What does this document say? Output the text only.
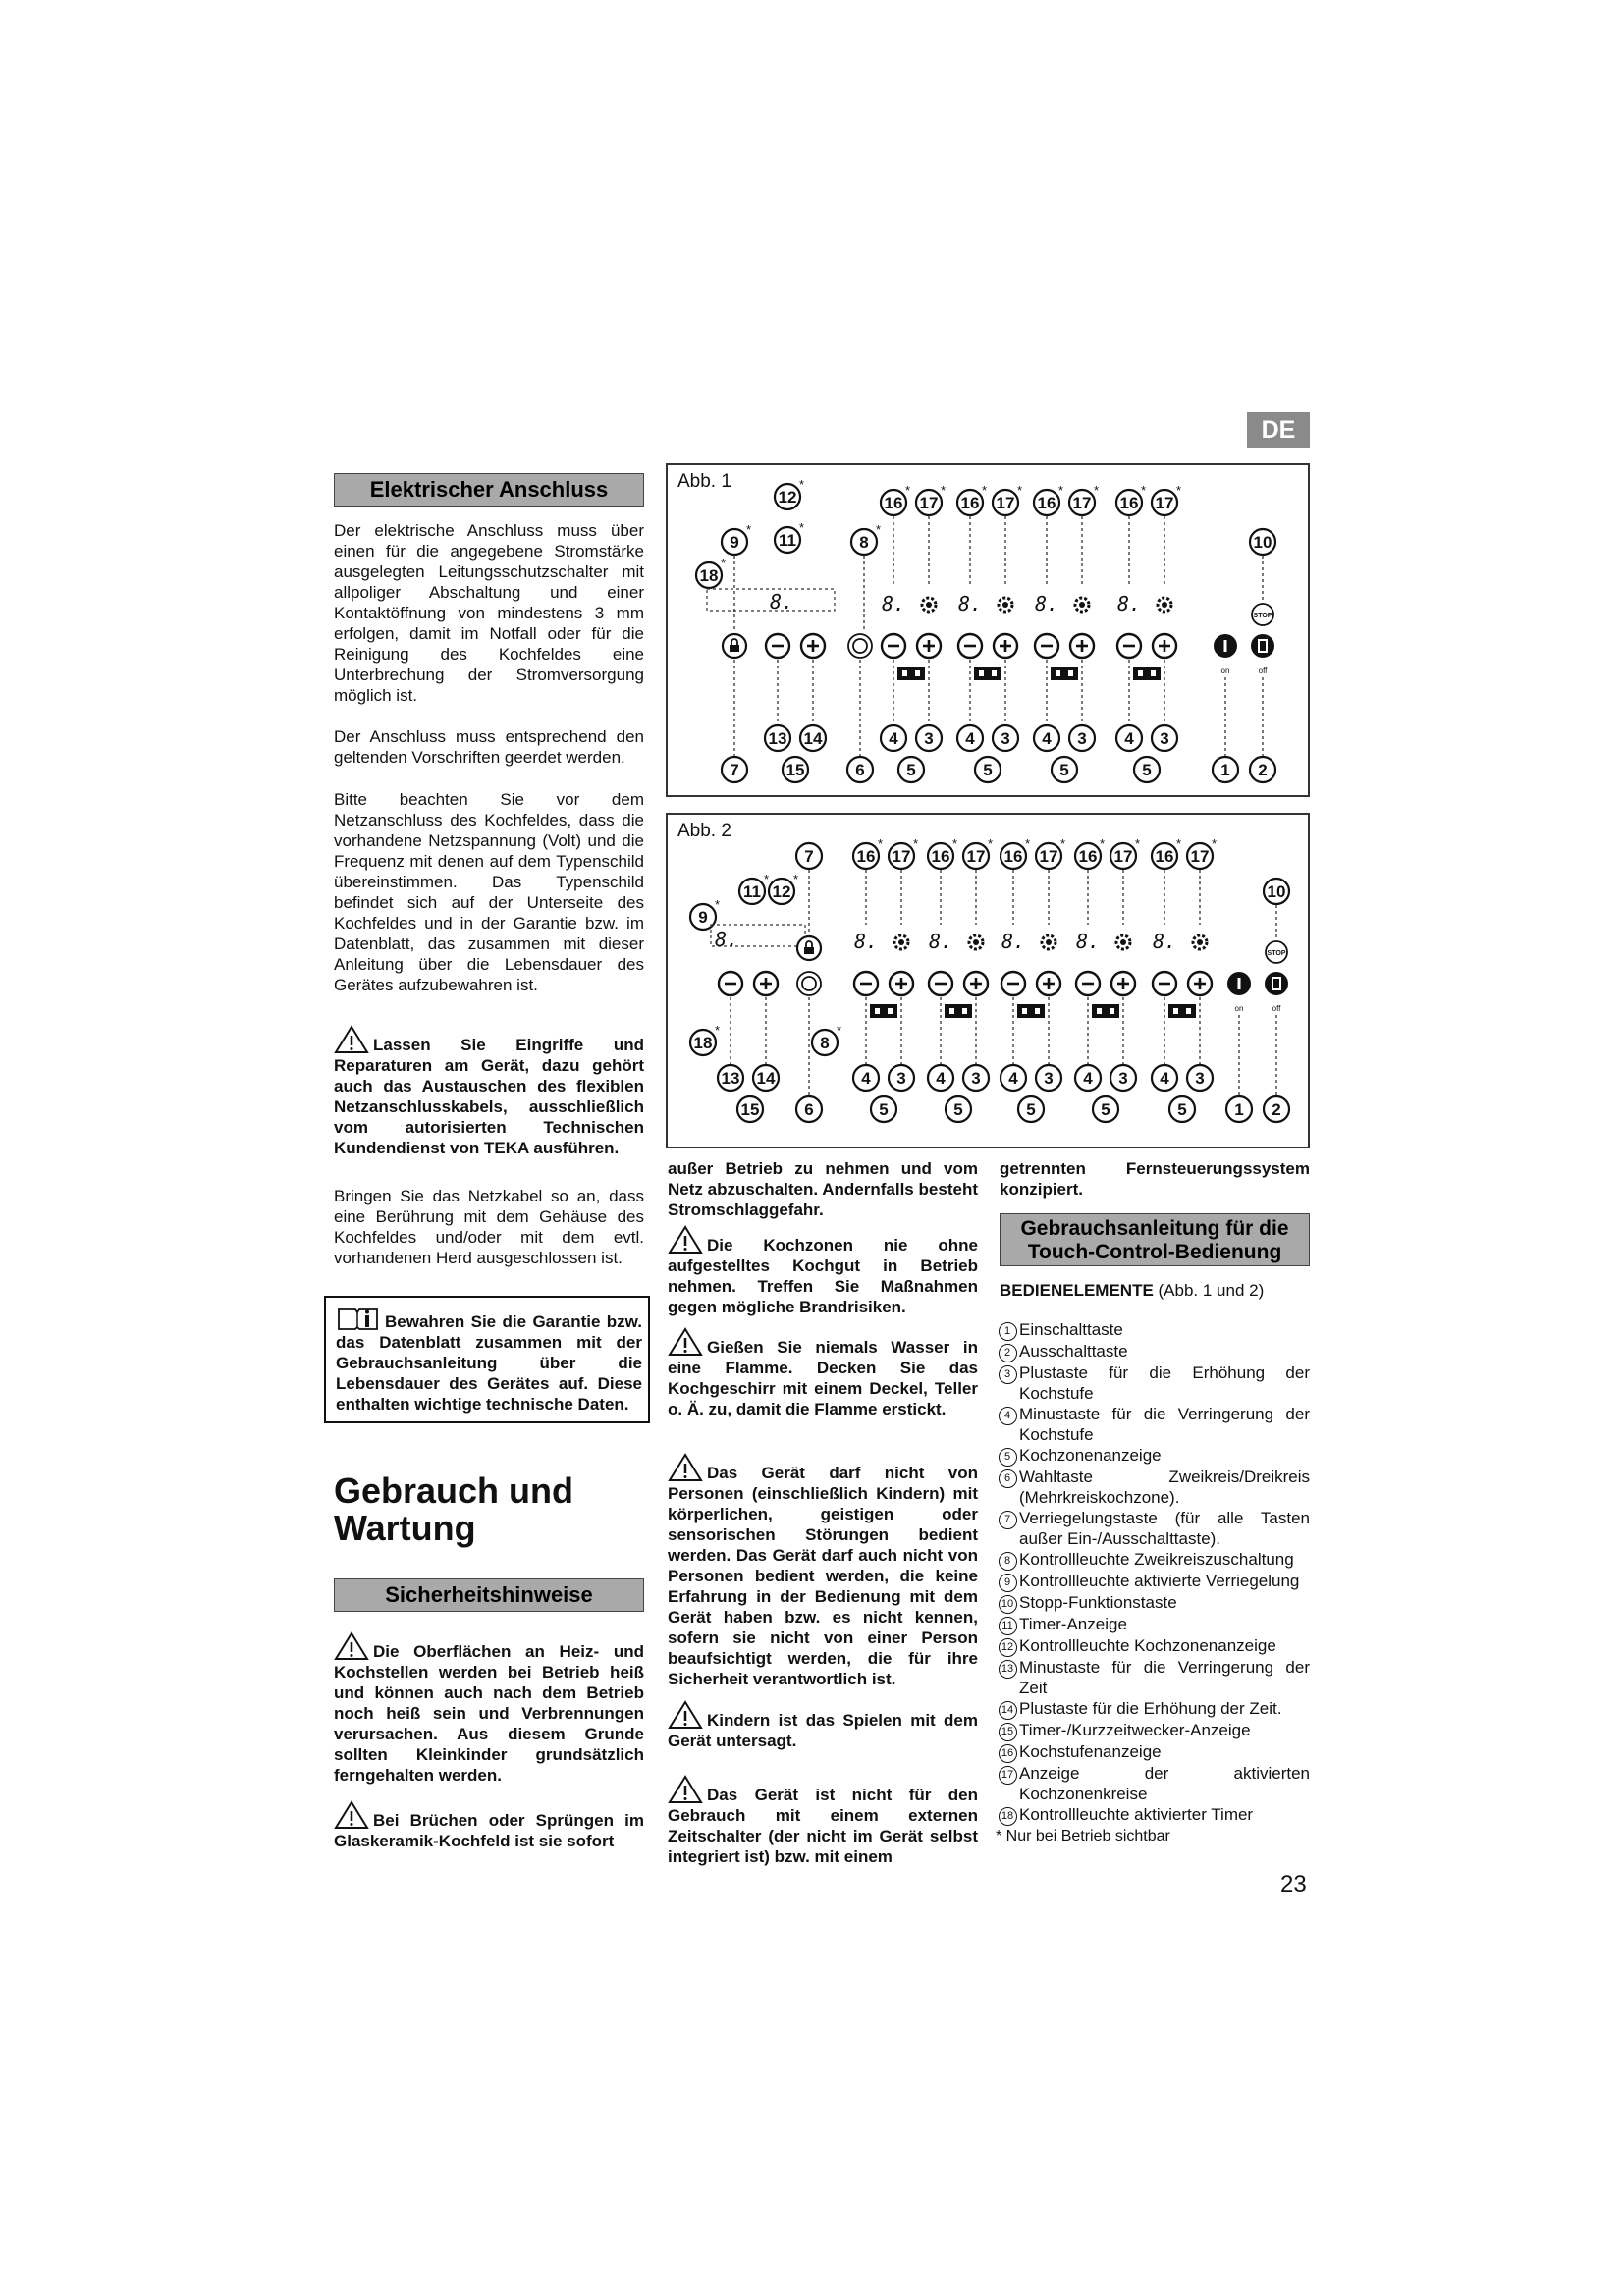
DE
Elektrischer Anschluss
Der elektrische Anschluss muss über einen für die angegebene Stromstärke ausgelegten Leitungsschutzschalter mit allpoliger Abschaltung und einer Kontaktöffnung von mindestens 3 mm erfolgen, damit im Notfall oder für die Reinigung des Kochfeldes eine Unterbrechung der Stromversorgung möglich ist.
Der Anschluss muss entsprechend den geltenden Vorschriften geerdet werden.
Bitte beachten Sie vor dem Netzanschluss des Kochfeldes, dass die vorhandene Netzspannung (Volt) und die Frequenz mit denen auf dem Typenschild übereinstimmen. Das Typenschild befindet sich auf der Unterseite des Kochfeldes und in der Garantie bzw. im Datenblatt, das zusammen mit dieser Anleitung über die Lebensdauer des Gerätes aufzubewahren ist.
Lassen Sie Eingriffe und Reparaturen am Gerät, dazu gehört auch das Austauschen des flexiblen Netzanschlusskabels, ausschließlich vom autorisierten Technischen Kundendienst von TEKA ausführen.
Bringen Sie das Netzkabel so an, dass eine Berührung mit dem Gehäuse des Kochfeldes und/oder mit dem evtl. vorhandenen Herd ausgeschlossen ist.
Bewahren Sie die Garantie bzw. das Datenblatt zusammen mit der Gebrauchsanleitung über die Lebensdauer des Gerätes auf. Diese enthalten wichtige technische Daten.
Gebrauch und
Wartung
Sicherheitshinweise
Die Oberflächen an Heiz- und Kochstellen werden bei Betrieb heiß und können auch nach dem Betrieb noch heiß sein und Verbrennungen verursachen. Aus diesem Grunde sollten Kleinkinder grundsätzlich ferngehalten werden.
Bei Brüchen oder Sprüngen im Glaskeramik-Kochfeld ist sie sofort
Abb. 1
16
*
17
*
8.
16
*
17
*
8.
16
*
17
*
8.
16
*
17
*
8.
4 3 4 3 4 3 4 3
5	5	5	5
on	off
STOP
1 2
10
12
*
9
*
11
*
8
*
18
*
8.
13 14
7	15	6
Abb. 2
16
*
17
*
8.
16
*
17
*
8.
16
*
17
*
8.
16
*
17
*
8.
16
*
17
*
8.
4 3 4 3 4 3 4 3 4 3
5	5	5	5	5
on	off
STOP
1 2
10
7
11
*
12
*
9
*
8
*
18
*
8.
13 14
15	6
außer Betrieb zu nehmen und vom Netz abzuschalten. Andernfalls besteht Stromschlaggefahr.
Die Kochzonen nie ohne aufgestelltes Kochgut in Betrieb nehmen. Treffen Sie Maßnahmen gegen mögliche Brandrisiken.
Gießen Sie niemals Wasser in eine Flamme. Decken Sie das Kochgeschirr mit einem Deckel, Teller o. Ä. zu, damit die Flamme erstickt.
Das Gerät darf nicht von Personen (einschließlich Kindern) mit körperlichen, geistigen oder sensorischen Störungen bedient werden. Das Gerät darf auch nicht von Personen bedient werden, die keine Erfahrung in der Bedienung mit dem Gerät haben bzw. es nicht kennen, sofern sie nicht von einer Person beaufsichtigt werden, die für ihre Sicherheit verantwortlich ist.
Kindern ist das Spielen mit dem Gerät untersagt.
Das Gerät ist nicht für den Gebrauch mit einem externen Zeitschalter (der nicht im Gerät selbst integriert ist) bzw. mit einem
getrennten Fernsteuerungssystem konzipiert.
Gebrauchsanleitung für die
Touch-Control-Bedienung
BEDIENELEMENTE (Abb. 1 und 2)
1 Einschalttaste
2 Ausschalttaste
3 Plustaste für die Erhöhung der Kochstufe
4 Minustaste für die Verringerung der Kochstufe
5 Kochzonenanzeige
6 Wahltaste Zweikreis/Dreikreis (Mehrkreiskochzone).
7 Verriegelungstaste (für alle Tasten außer Ein-/Ausschalttaste).
8 Kontrollleuchte Zweikreiszuschaltung
9 Kontrollleuchte aktivierte Verriegelung
10 Stopp-Funktionstaste
11 Timer-Anzeige
12 Kontrollleuchte Kochzonenanzeige
13 Minustaste für die Verringerung der Zeit
14 Plustaste für die Erhöhung der Zeit.
15 Timer-/Kurzzeitwecker-Anzeige
16 Kochstufenanzeige
17 Anzeige der aktivierten Kochzonenkreise
18 Kontrollleuchte aktivierter Timer
* Nur bei Betrieb sichtbar
23
